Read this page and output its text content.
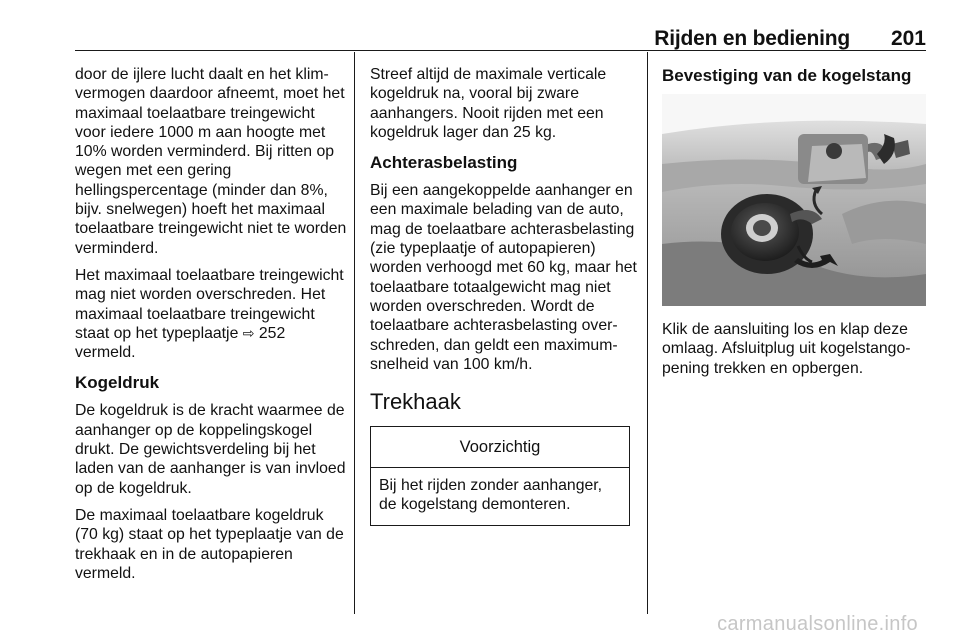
Rijden en bediening 201

door de ijlere lucht daalt en het klimvermogen daardoor afneemt, moet het maximaal toelaatbare treingewicht voor iedere 1000 m aan hoogte met 10% worden verminderd. Bij ritten op wegen met een gering hellingspercentage (minder dan 8%, bijv. snelwegen) hoeft het maximaal toelaatbare treingewicht niet te worden verminderd.

Het maximaal toelaatbare treingewicht mag niet worden overschreden. Het maximaal toelaatbare treingewicht staat op het typeplaatje ⇨ 252 vermeld.

Kogeldruk

De kogeldruk is de kracht waarmee de aanhanger op de koppelingskogel drukt. De gewichtsverdeling bij het laden van de aanhanger is van invloed op de kogeldruk.

De maximaal toelaatbare kogeldruk (70 kg) staat op het typeplaatje van de trekhaak en in de autopapieren vermeld.

Streef altijd de maximale verticale kogeldruk na, vooral bij zware aanhangers. Nooit rijden met een kogeldruk lager dan 25 kg.

Achterasbelasting

Bij een aangekoppelde aanhanger en een maximale belading van de auto, mag de toelaatbare achterasbelasting (zie typeplaatje of autopapieren) worden verhoogd met 60 kg, maar het toelaatbare totaalgewicht mag niet worden overschreden. Wordt de toelaatbare achterasbelasting overschreden, dan geldt een maximumsnelheid van 100 km/h.

Trekhaak
Voorzichtig
Bij het rijden zonder aanhanger, de kogelstang demonteren.
Bevestiging van de kogelstang

Klik de aansluiting los en klap deze omlaag. Afsluitplug uit kogelstangopening trekken en opbergen.

carmanualsonline.info
